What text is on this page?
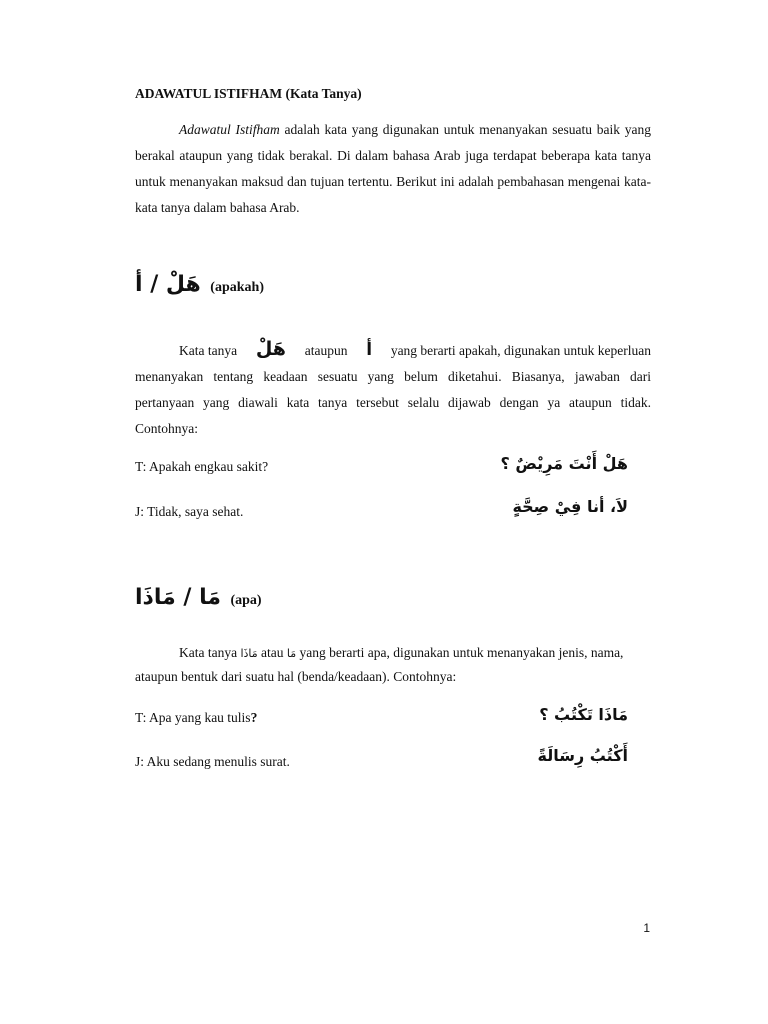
ADAWATUL ISTIFHAM (Kata Tanya)
Adawatul Istifham adalah kata yang digunakan untuk menanyakan sesuatu baik yang berakal ataupun yang tidak berakal. Di dalam bahasa Arab juga terdapat beberapa kata tanya untuk menanyakan maksud dan tujuan tertentu. Berikut ini adalah pembahasan mengenai kata-kata tanya dalam bahasa Arab.
هَلْ / أ (apakah)
Kata tanya هَلْ ataupun أ yang berarti apakah, digunakan untuk keperluan
menanyakan tentang keadaan sesuatu yang belum diketahui. Biasanya, jawaban dari pertanyaan yang diawali kata tanya tersebut selalu dijawab dengan ya ataupun tidak. Contohnya:
T: Apakah engkau sakit?	هَلْ أَنْتَ مَرِيْضٌ ؟
J: Tidak, saya sehat.	لاَ، أنا فِيْ صِحَّةٍ
مَا / مَاذَا (apa)
Kata tanya مَاذَا atau مَا yang berarti apa, digunakan untuk menanyakan jenis, nama,
ataupun bentuk dari suatu hal (benda/keadaan). Contohnya:
T: Apa yang kau tulis?	مَاذَا تَكْتُبُ ؟
J: Aku sedang menulis surat.	أَكْتُبُ رِسَالَةً
1
